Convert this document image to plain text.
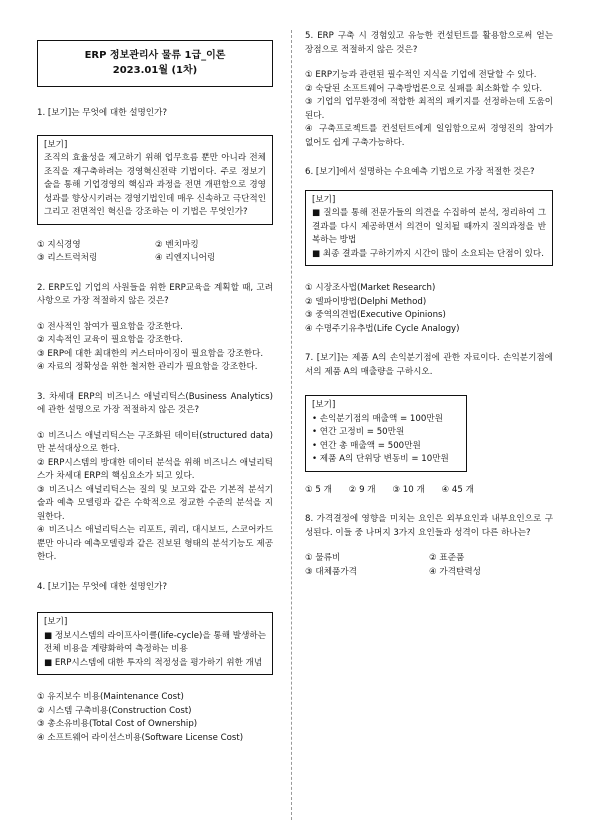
ERP 정보관리사 물류 1급_이론
2023.01월 (1차)

1. [보기]는 무엇에 대한 설명인가?

[보기]
조직의 효율성을 제고하기 위해 업무흐름 뿐만 아니라 전체 조직을 재구축하려는 경영혁신전략 기법이다. 주로 정보기술을 통해 기업경영의 핵심과 과정을 전면 개편함으로 경영성과를 향상시키려는 경영기법인데 매우 신속하고 극단적인 그리고 전면적인 혁신을 강조하는 이 기법은 무엇인가?
① 지식경영	② 벤치마킹
③ 리스트럭처링	④ 리엔지니어링

2. ERP도입 기업의 사원들을 위한 ERP교육을 계획할 때, 고려사항으로 가장 적절하지 않은 것은?

① 전사적인 참여가 필요함을 강조한다.
② 지속적인 교육이 필요함을 강조한다.
③ ERP에 대한 최대한의 커스터마이징이 필요함을 강조한다.
④ 자료의 정확성을 위한 철저한 관리가 필요함을 강조한다.

3. 차세대 ERP의 비즈니스 애널리틱스(Business Analytics)에 관한 설명으로 가장 적절하지 않은 것은?

① 비즈니스 애널리틱스는 구조화된 데이터(structured data)만 분석대상으로 한다.
② ERP시스템의 방대한 데이터 분석을 위해 비즈니스 애널리틱스가 차세대 ERP의 핵심요소가 되고 있다.
③ 비즈니스 애널리틱스는 질의 및 보고와 같은 기본적 분석기술과 예측 모델링과 같은 수학적으로 정교한 수준의 분석을 지원한다.
④ 비즈니스 애널리틱스는 리포트, 쿼리, 대시보드, 스코어카드뿐만 아니라 예측모델링과 같은 진보된 형태의 분석기능도 제공한다.

4. [보기]는 무엇에 대한 설명인가?

[보기]
■ 정보시스템의 라이프사이클(life-cycle)을 통해 발생하는 전체 비용을 계량화하여 측정하는 비용
■ ERP시스템에 대한 투자의 적정성을 평가하기 위한 개념
① 유지보수 비용(Maintenance Cost)
② 시스템 구축비용(Construction Cost)
③ 총소유비용(Total Cost of Ownership)
④ 소프트웨어 라이선스비용(Software License Cost)

5. ERP 구축 시 경험있고 유능한 컨설턴트를 활용함으로써 얻는 장점으로 적절하지 않은 것은?

① ERP기능과 관련된 필수적인 지식을 기업에 전달할 수 있다.
② 숙달된 소프트웨어 구축방법론으로 실패를 최소화할 수 있다.
③ 기업의 업무환경에 적합한 최적의 패키지를 선정하는데 도움이 된다.
④ 구축프로젝트를 컨설턴트에게 일임함으로써 경영진의 참여가 없어도 쉽게 구축가능하다.

6. [보기]에서 설명하는 수요예측 기법으로 가장 적절한 것은?

[보기]
■ 질의를 통해 전문가들의 의견을 수집하여 분석, 정리하여 그 결과를 다시 제공하면서 의견이 일치될 때까지 질의과정을 반복하는 방법
■ 최종 결과를 구하기까지 시간이 많이 소요되는 단점이 있다.
① 시장조사법(Market Research)
② 델파이방법(Delphi Method)
③ 중역의견법(Executive Opinions)
④ 수명주기유추법(Life Cycle Analogy)

7. [보기]는 제품 A의 손익분기점에 관한 자료이다. 손익분기점에서의 제품 A의 매출량을 구하시오.

[보기]
• 손익분기점의 매출액 = 100만원
• 연간 고정비 = 50만원
• 연간 총 매출액 = 500만원
• 제품 A의 단위당 변동비 = 10만원
① 5 개 ② 9 개 ③ 10 개 ④ 45 개

8. 가격결정에 영향을 미치는 요인은 외부요인과 내부요인으로 구성된다. 이들 중 나머지 3가지 요인들과 성격이 다른 하나는?

① 물류비	② 표준품
③ 대체품가격	④ 가격탄력성
